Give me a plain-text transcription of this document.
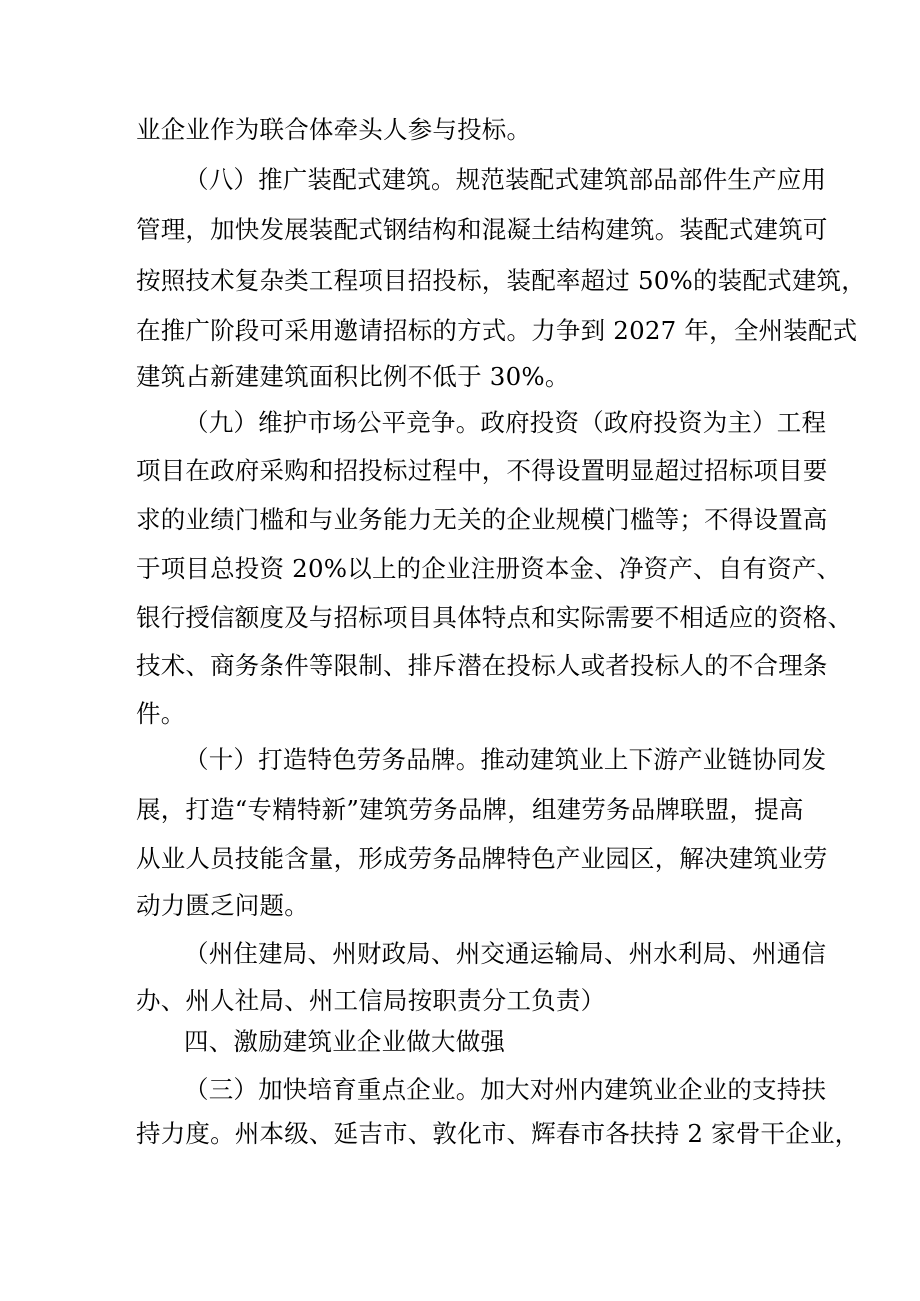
业企业作为联合体牵头人参与投标。
（八）推广装配式建筑。规范装配式建筑部品部件生产应用
管理，加快发展装配式钢结构和混凝土结构建筑。装配式建筑可
按照技术复杂类工程项目招投标，装配率超过 50%的装配式建筑，
在推广阶段可采用邀请招标的方式。力争到 2027 年，全州装配式
建筑占新建建筑面积比例不低于 30%。
（九）维护市场公平竞争。政府投资（政府投资为主）工程
项目在政府采购和招投标过程中，不得设置明显超过招标项目要
求的业绩门槛和与业务能力无关的企业规模门槛等；不得设置高
于项目总投资 20%以上的企业注册资本金、净资产、自有资产、
银行授信额度及与招标项目具体特点和实际需要不相适应的资格、
技术、商务条件等限制、排斥潜在投标人或者投标人的不合理条
件。
（十）打造特色劳务品牌。推动建筑业上下游产业链协同发
展，打造“专精特新”建筑劳务品牌，组建劳务品牌联盟，提高
从业人员技能含量，形成劳务品牌特色产业园区，解决建筑业劳
动力匮乏问题。
（州住建局、州财政局、州交通运输局、州水利局、州通信
办、州人社局、州工信局按职责分工负责）
四、激励建筑业企业做大做强
（三）加快培育重点企业。加大对州内建筑业企业的支持扶
持力度。州本级、延吉市、敦化市、辉春市各扶持 2 家骨干企业，
